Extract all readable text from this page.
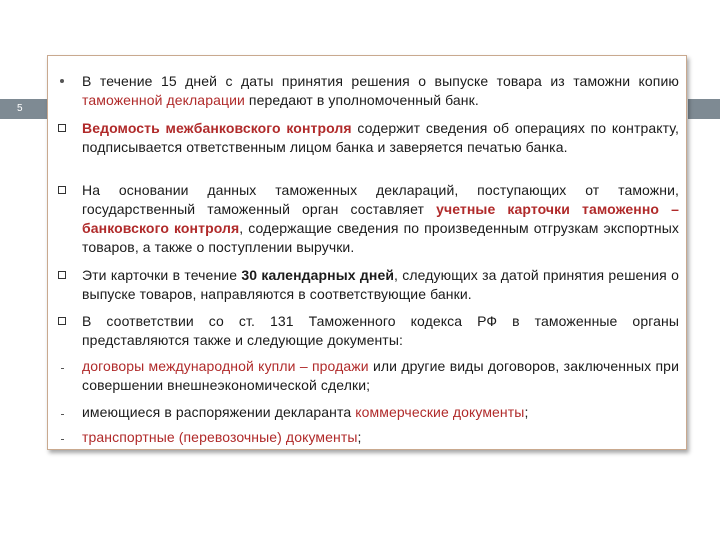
5
В течение 15 дней с даты принятия решения о выпуске товара из таможни копию таможенной декларации передают в уполномоченный банк.
Ведомость межбанковского контроля содержит сведения об операциях по контракту, подписывается ответственным лицом банка и заверяется печатью банка.
На основании данных таможенных деклараций, поступающих от таможни, государственный таможенный орган составляет учетные карточки таможенно – банковского контроля, содержащие сведения по произведенным отгрузкам экспортных товаров, а также о поступлении выручки.
Эти карточки в течение 30 календарных дней, следующих за датой принятия решения о выпуске товаров, направляются в соответствующие банки.
В соответствии со ст. 131 Таможенного кодекса РФ в таможенные органы представляются также и следующие документы:
договоры международной купли – продажи или другие виды договоров, заключенных при совершении внешнеэкономической сделки;
имеющиеся в распоряжении декларанта коммерческие документы;
транспортные (перевозочные) документы;
